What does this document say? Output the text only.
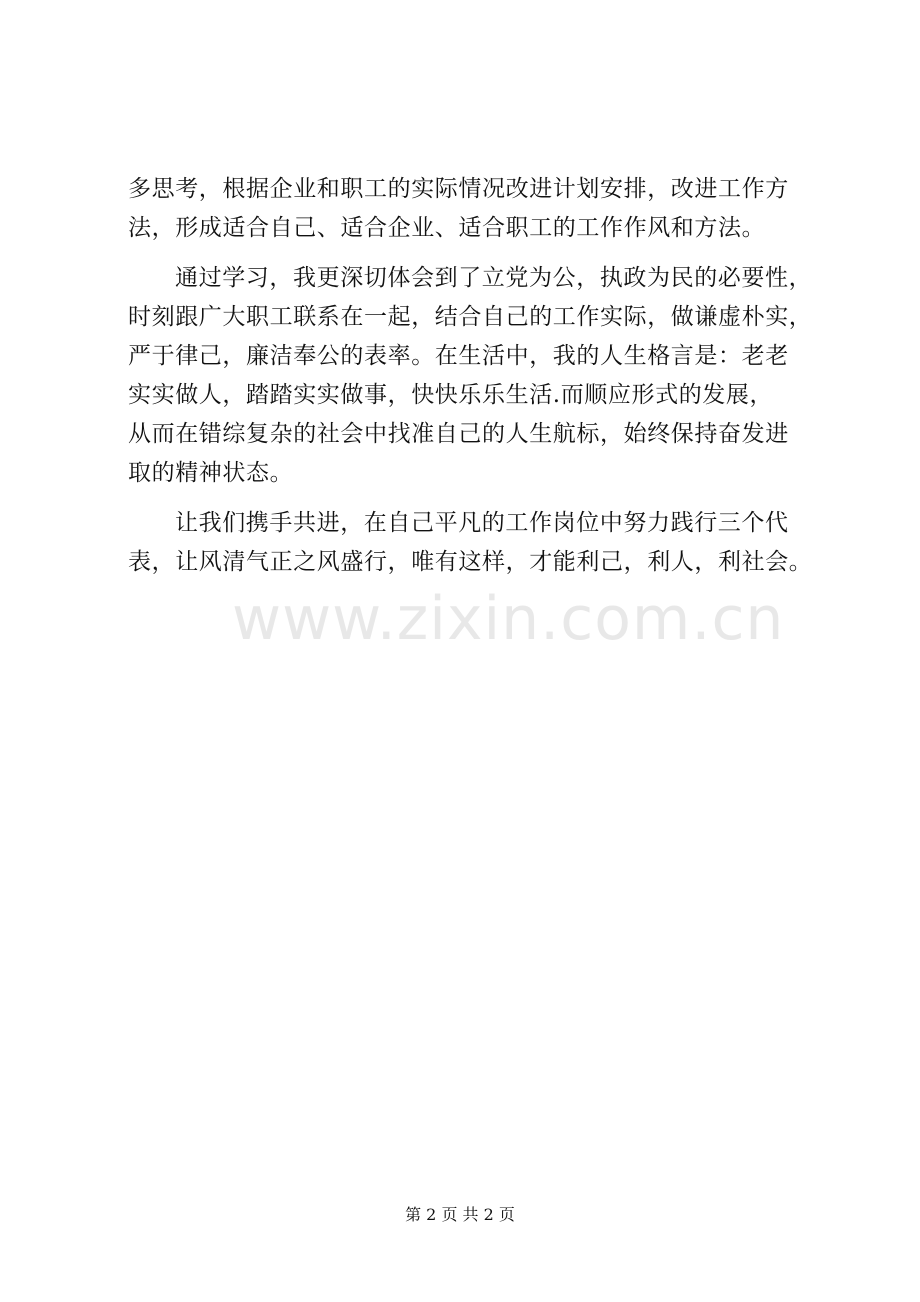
多思考，根据企业和职工的实际情况改进计划安排，改进工作方
法，形成适合自己、适合企业、适合职工的工作作风和方法。
通过学习，我更深切体会到了立党为公，执政为民的必要性，
时刻跟广大职工联系在一起，结合自己的工作实际，做谦虚朴实，
严于律己，廉洁奉公的表率。在生活中，我的人生格言是：老老
实实做人，踏踏实实做事，快快乐乐生活.而顺应形式的发展，
从而在错综复杂的社会中找准自己的人生航标，始终保持奋发进
取的精神状态。
让我们携手共进，在自己平凡的工作岗位中努力践行三个代
表，让风清气正之风盛行，唯有这样，才能利己，利人，利社会。
www.zixin.com.cn
第 2 页 共 2 页
